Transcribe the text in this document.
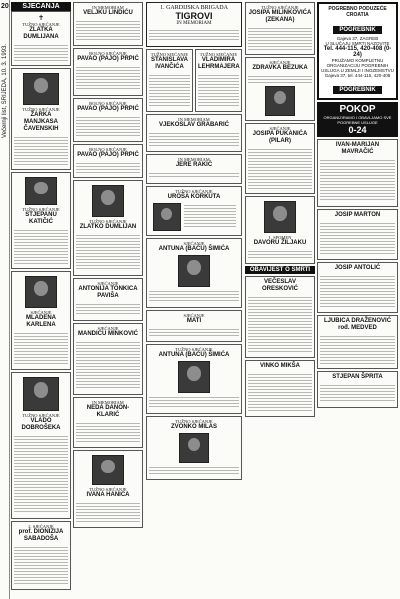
20
Večernji list, SRIJEDA, 10. 3. 1993.
SJEĆANJA
✝
TUŽNO SJEĆANJE
ZLATKA DUMLIJANA
TUŽNO SJEĆANJE
ŽARKA MANJKASA ČAVENSKIH
TUŽNO SJEĆANJE
STJEPANU KATIČIĆ
SJEĆANJE
MLADENA KARLENA
TUŽNO SJEĆANJE
VLADO DOBROŠEKA
2. SJEĆANJE
prof. DIONIZIJA SABADOŠA
IN MEMORIAM
VELJKU LINDIĆU
BOLNO SJEĆANJE
PAVAO (PAJO) PRPIĆ
BOLNO SJEĆANJE
PAVAO (PAJO) PRPIĆ
BOLNO SJEĆANJE
PAVAO (PAJO) PRPIĆ
TUŽNO SJEĆANJE
ZLATKO DUMLIJAN
SJEĆANJE
ANTONIJA TONKICA PAVIŠA
SJEĆANJE
MANDICU MINKOVIĆ
IN MEMORIAM
NEDA DANON-KLARIĆ
TUŽNO SJEĆANJE
IVANA HANICA
1. GARDIJSKA BRIGADA
TIGROVI
IN MEMORIAM
TUŽNO SJEĆANJE
STANISLAVA IVANČIĆA
TUŽNO SJEĆANJE
VLADIMIRA LEHRMAJERA
IN MEMORIAM
VJEKOSLAV GRABARIĆ
IN MEMORIAM
JERE RAKIĆ
TUŽNO SJEĆANJE
UROŠA KORKUTA
SJEĆANJE
ANTUNA (BAĆU) ŠIMIĆA
SJEĆANJE
MATI
TUŽNO SJEĆANJE
ANTUNA (BAĆU) ŠIMIĆA
TUŽNO SJEĆANJE
ZVONKO MILAS
TUŽNO SJEĆANJE
JOSIPA MILINKOVIĆA (ZEKANA)
SJEĆANJE
ZDRAVKA BEZUKA
SJEĆANJE
JOSIPA PUKANIĆA (PILAR)
1. SPOMEN
DAVORU ŽILJAKU
OBAVIJEST O SMRTI
VEČESLAV ORESKOVIĆ
VINKO MIKŠA
POGREBNO PODUZEĆE CROATIA
POGREBNIK
Gajeva 37, ZAGREB
U SLUČAJU SMRTI NAZOVITE
Tel. 444-115, 420-408 (0-24)
PRUŽAMO KOMPLETNU ORGANIZACIJU POGREBNIH USLUGA U ZEMLJI I INOZEMSTVU
Gajeva 37, tel. 444-115, 420-408
POGREBNIK
POKOP
ORGANIZIRAMO I OBAVLJAMO SVE POGREBNE USLUGE
0-24
IVAN-MARIJAN MAVRAČIĆ
JOSIP MARTON
JOSIP ANTOLIĆ
LJUBICA DRAŽENOVIĆ rođ. MEDVED
STJEPAN ŠPRITA
